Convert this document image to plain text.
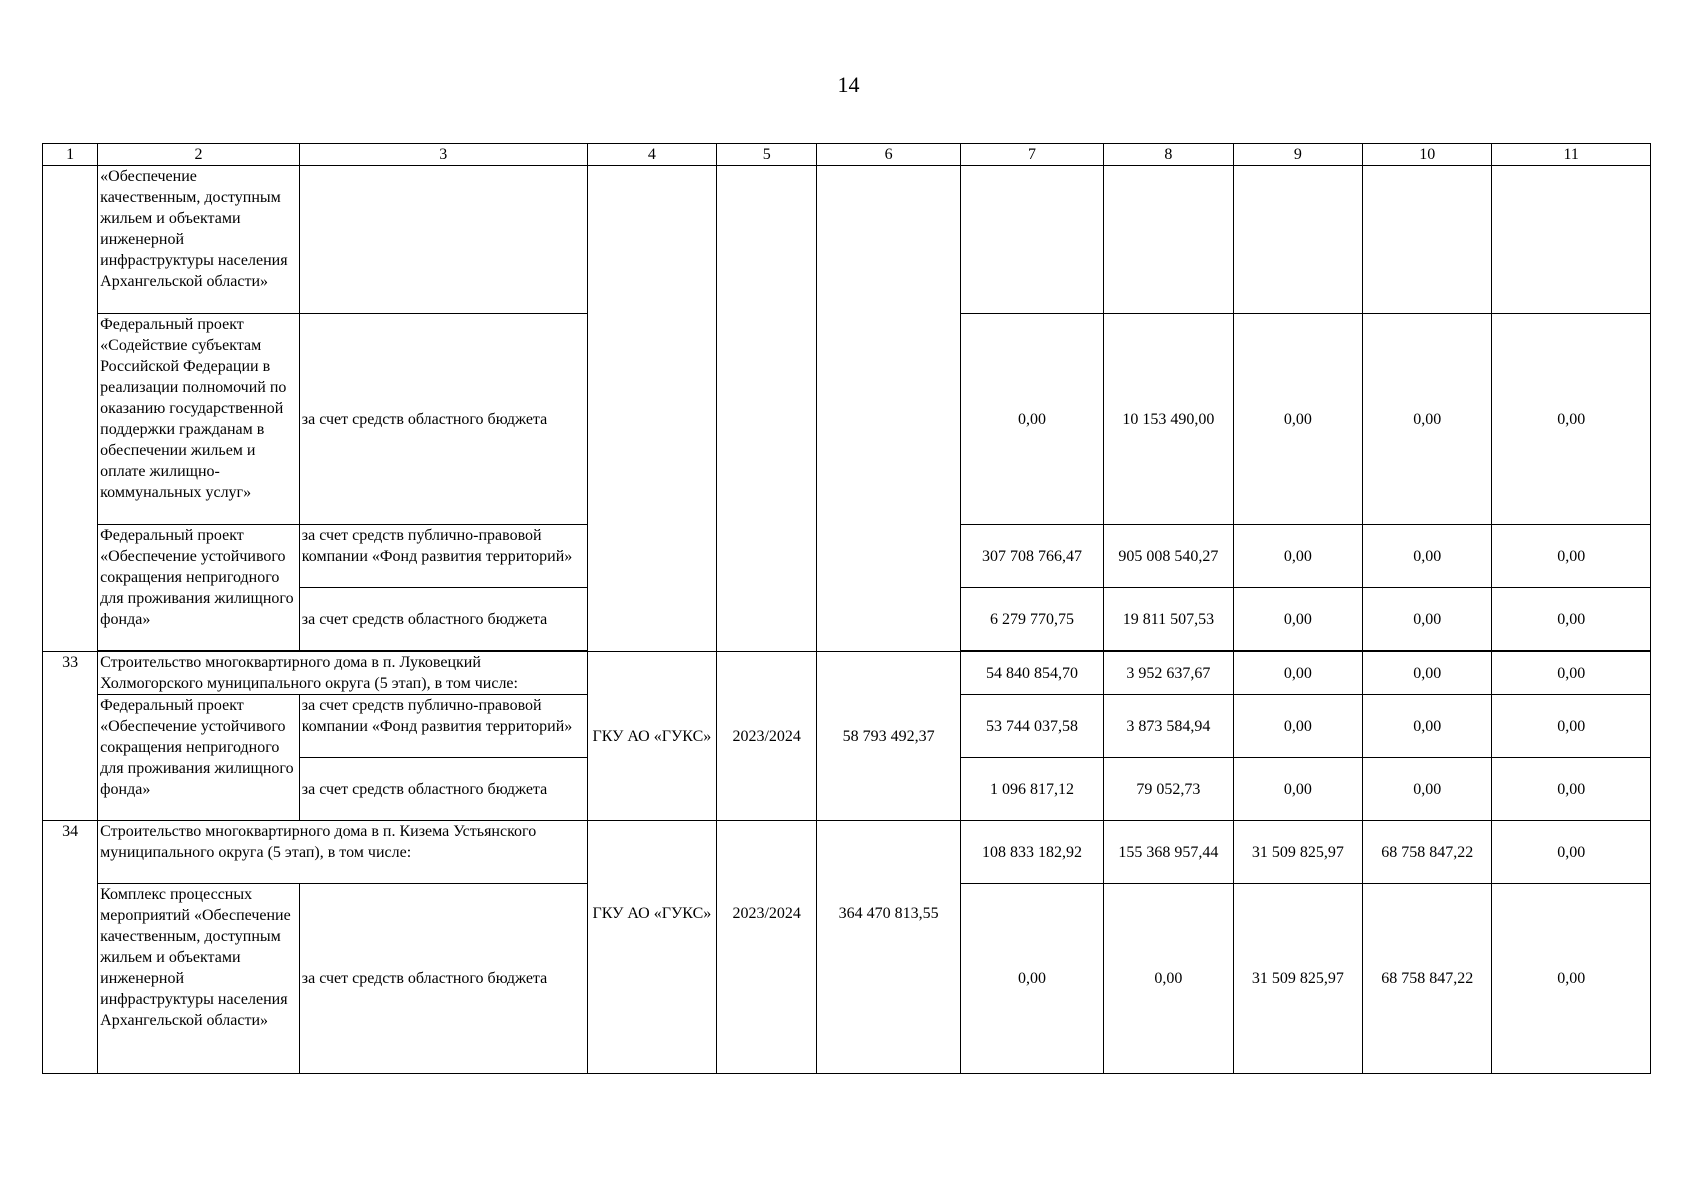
14
1	2	3	4	5	6	7	8	9	10	11
	«Обеспечение качественным, доступным жильем и объектами инженерной инфраструктуры населения Архангельской области»									
	Федеральный проект «Содействие субъектам Российской Федерации в реализации полномочий по оказанию государственной поддержки гражданам в обеспечении жильем и оплате жилищно-коммунальных услуг»	за счет средств областного бюджета				0,00	10 153 490,00	0,00	0,00	0,00
	Федеральный проект «Обеспечение устойчивого сокращения непригодного для проживания жилищного фонда»	за счет средств публично-правовой компании «Фонд развития территорий»				307 708 766,47	905 008 540,27	0,00	0,00	0,00
		за счет средств областного бюджета				6 279 770,75	19 811 507,53	0,00	0,00	0,00

33	Строительство многоквартирного дома в п. Луковецкий Холмогорского муниципального округа (5 этап), в том числе:		ГКУ АО «ГУКС»	2023/2024	58 793 492,37	54 840 854,70	3 952 637,67	0,00	0,00	0,00
	Федеральный проект «Обеспечение устойчивого сокращения непригодного для проживания жилищного фонда»	за счет средств публично-правовой компании «Фонд развития территорий»				53 744 037,58	3 873 584,94	0,00	0,00	0,00
		за счет средств областного бюджета				1 096 817,12	79 052,73	0,00	0,00	0,00
34	Строительство многоквартирного дома в п. Кизема Устьянского муниципального округа (5 этап), в том числе:		ГКУ АО «ГУКС»	2023/2024	364 470 813,55	108 833 182,92	155 368 957,44	31 509 825,97	68 758 847,22	0,00
	Комплекс процессных мероприятий «Обеспечение качественным, доступным жильем и объектами инженерной инфраструктуры населения Архангельской области»	за счет средств областного бюджета				0,00	0,00	31 509 825,97	68 758 847,22	0,00
